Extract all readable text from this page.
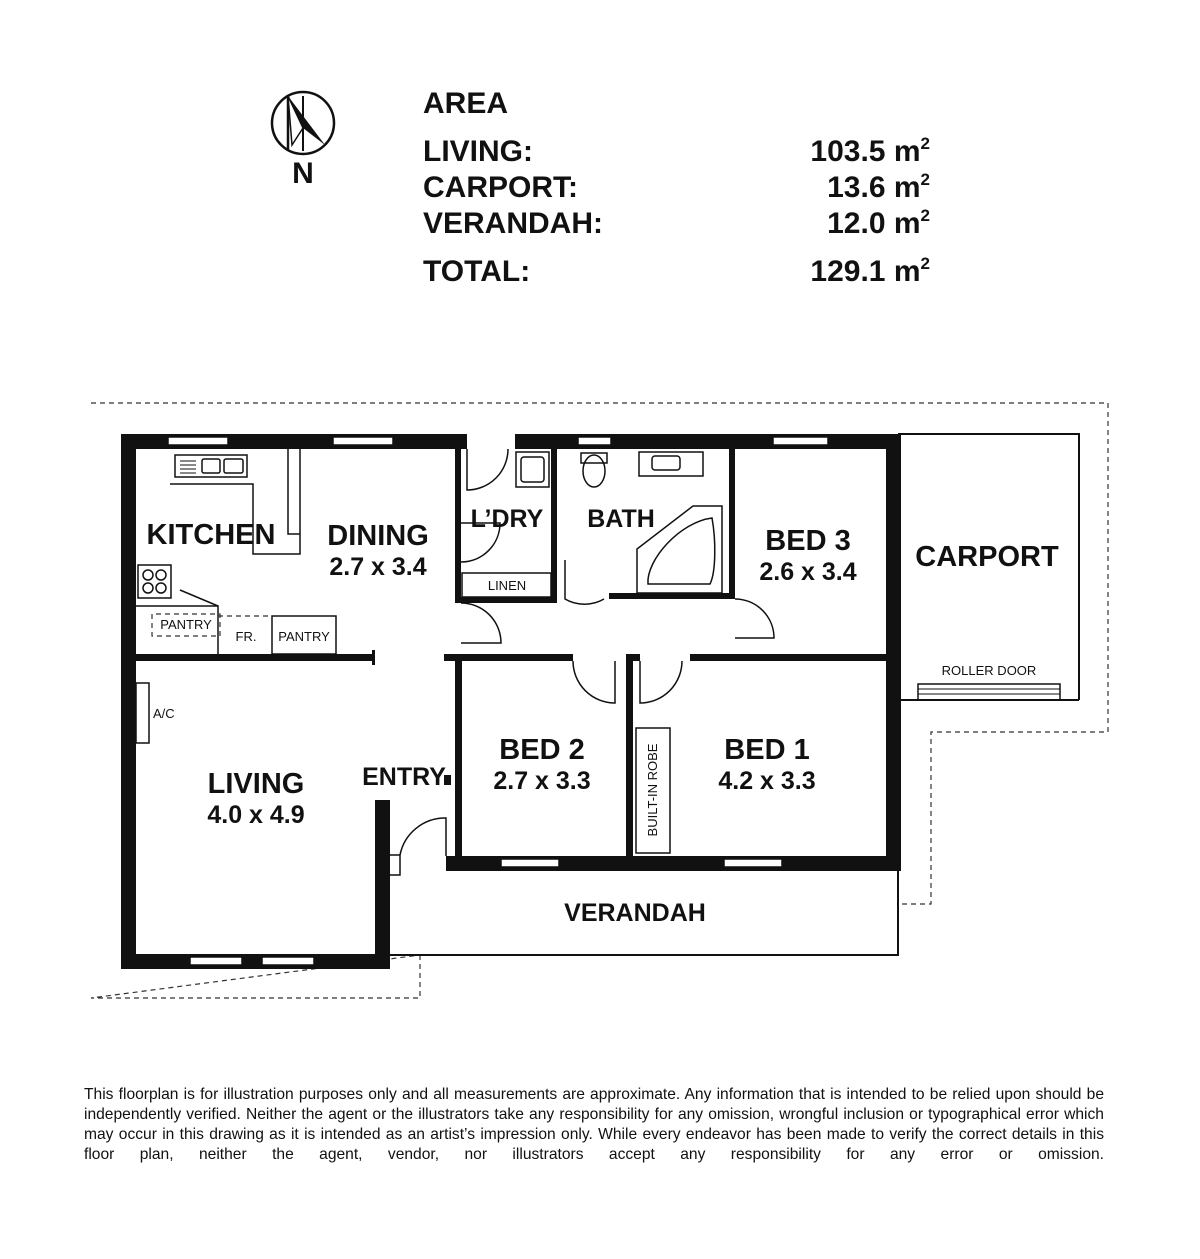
N
AREA
LIVING:	103.5 $m^2$
CARPORT:	13.6 $m^2$
VERANDAH:	12.0 $m^2$
TOTAL:	129.1 $m^2$
KITCHEN DINING
2.7 x 3.4
L’DRY BATH
BED 3
2.6 x 3.4 CARPORT
LIVING
4.0 x 4.9
ENTRY
BED 2
2.7 x 3.3
BED 1
4.2 x 3.3
VERANDAH
LINEN
PANTRY
FR. PANTRY
A/C
ROLLER DOOR
BUILT-IN ROBE

This floorplan is for illustration purposes only and all measurements are approximate. Any information that is intended to be relied upon should be independently verified. Neither the agent or the illustrators take any responsibility for any omission, wrongful inclusion or typographical error which may occur in this drawing as it is intended as an artist’s impression only. While every endeavor has been made to verify the correct details in this floor plan, neither the agent, vendor, nor illustrators accept any responsibility for any error or omission.
